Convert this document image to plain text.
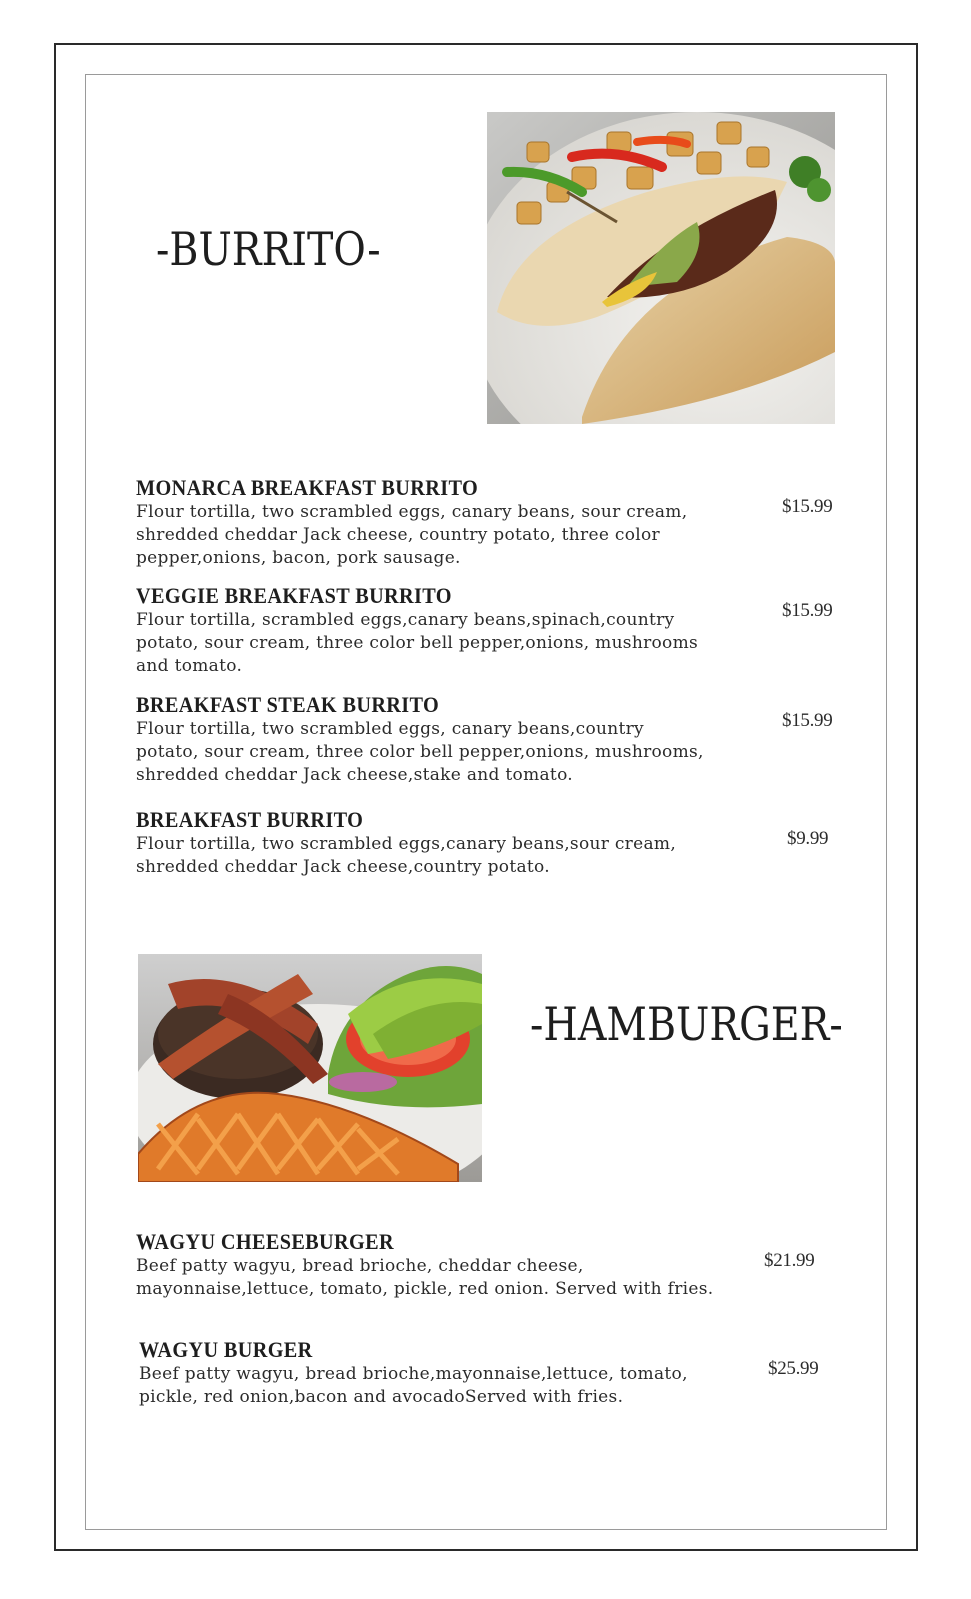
-BURRITO-
MONARCA BREAKFAST BURRITO
Flour tortilla, two scrambled eggs, canary beans, sour cream, shredded cheddar Jack cheese, country potato, three color pepper,onions, bacon, pork sausage.
$15.99
VEGGIE BREAKFAST BURRITO
Flour tortilla, scrambled eggs,canary beans,spinach,country potato, sour cream, three color bell pepper,onions, mushrooms and tomato.
$15.99
BREAKFAST STEAK BURRITO
Flour tortilla, two scrambled eggs, canary beans,country potato, sour cream, three color bell pepper,onions, mushrooms, shredded cheddar Jack cheese,stake and tomato.
$15.99
BREAKFAST BURRITO
Flour tortilla, two scrambled eggs,canary beans,sour cream, shredded cheddar Jack cheese,country potato.
$9.99
-HAMBURGER-
WAGYU CHEESEBURGER
Beef patty wagyu, bread brioche, cheddar cheese, mayonnaise,lettuce, tomato, pickle, red onion. Served with fries.
$21.99
WAGYU BURGER
Beef patty wagyu, bread brioche,mayonnaise,lettuce, tomato, pickle, red onion,bacon and avocadoServed with fries.
$25.99
